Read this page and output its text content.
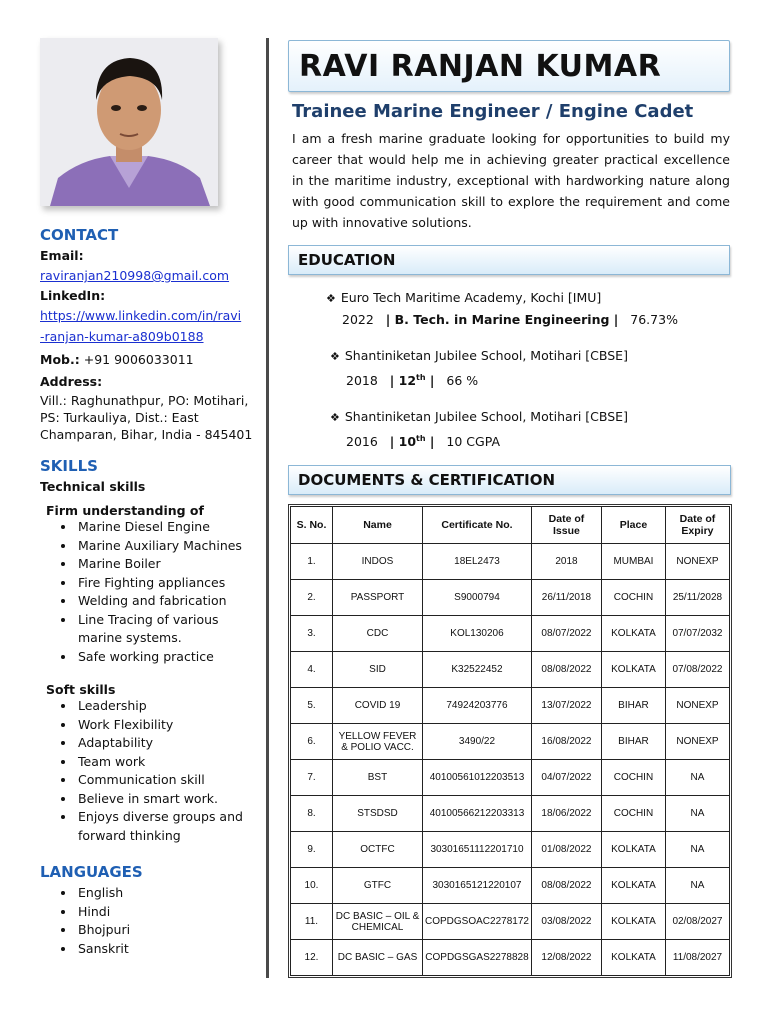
CONTACT
Email:
raviranjan210998@gmail.com
LinkedIn:
https://www.linkedin.com/in/ravi
-ranjan-kumar-a809b0188
Mob.: +91 9006033011
Address:
Vill.: Raghunathpur, PO: Motihari,
PS: Turkauliya, Dist.: East
Champaran, Bihar, India - 845401
SKILLS
Technical skills
Firm understanding of
• Marine Diesel Engine
• Marine Auxiliary Machines
• Marine Boiler
• Fire Fighting appliances
• Welding and fabrication
• Line Tracing of various marine systems.
• Safe working practice
Soft skills
• Leadership
• Work Flexibility
• Adaptability
• Team work
• Communication skill
• Believe in smart work.
• Enjoys diverse groups and forward thinking
LANGUAGES
• English
• Hindi
• Bhojpuri
• Sanskrit
RAVI RANJAN KUMAR
Trainee Marine Engineer / Engine Cadet
I am a fresh marine graduate looking for opportunities to build my career that would help me in achieving greater practical excellence in the maritime industry, exceptional with hardworking nature along with good communication skill to explore the requirement and come up with innovative solutions.
EDUCATION
❖ Euro Tech Maritime Academy, Kochi [IMU]
2022 | B. Tech. in Marine Engineering | 76.73%
❖ Shantiniketan Jubilee School, Motihari [CBSE]
2018 | 12th | 66 %
❖ Shantiniketan Jubilee School, Motihari [CBSE]
2016 | 10th | 10 CGPA
DOCUMENTS & CERTIFICATION
S. No.	Name	Certificate No.	Date of Issue	Place	Date of Expiry
1.	INDOS	18EL2473	2018	MUMBAI	NONEXP
2.	PASSPORT	S9000794	26/11/2018	COCHIN	25/11/2028
3.	CDC	KOL130206	08/07/2022	KOLKATA	07/07/2032
4.	SID	K32522452	08/08/2022	KOLKATA	07/08/2022
5.	COVID 19	74924203776	13/07/2022	BIHAR	NONEXP
6.	YELLOW FEVER & POLIO VACC.	3490/22	16/08/2022	BIHAR	NONEXP
7.	BST	40100561012203513	04/07/2022	COCHIN	NA
8.	STSDSD	40100566212203313	18/06/2022	COCHIN	NA
9.	OCTFC	30301651112201710	01/08/2022	KOLKATA	NA
10.	GTFC	3030165121220107	08/08/2022	KOLKATA	NA
11.	DC BASIC – OIL & CHEMICAL	COPDGSOAC2278172	03/08/2022	KOLKATA	02/08/2027
12.	DC BASIC – GAS	COPDGSGAS2278828	12/08/2022	KOLKATA	11/08/2027
